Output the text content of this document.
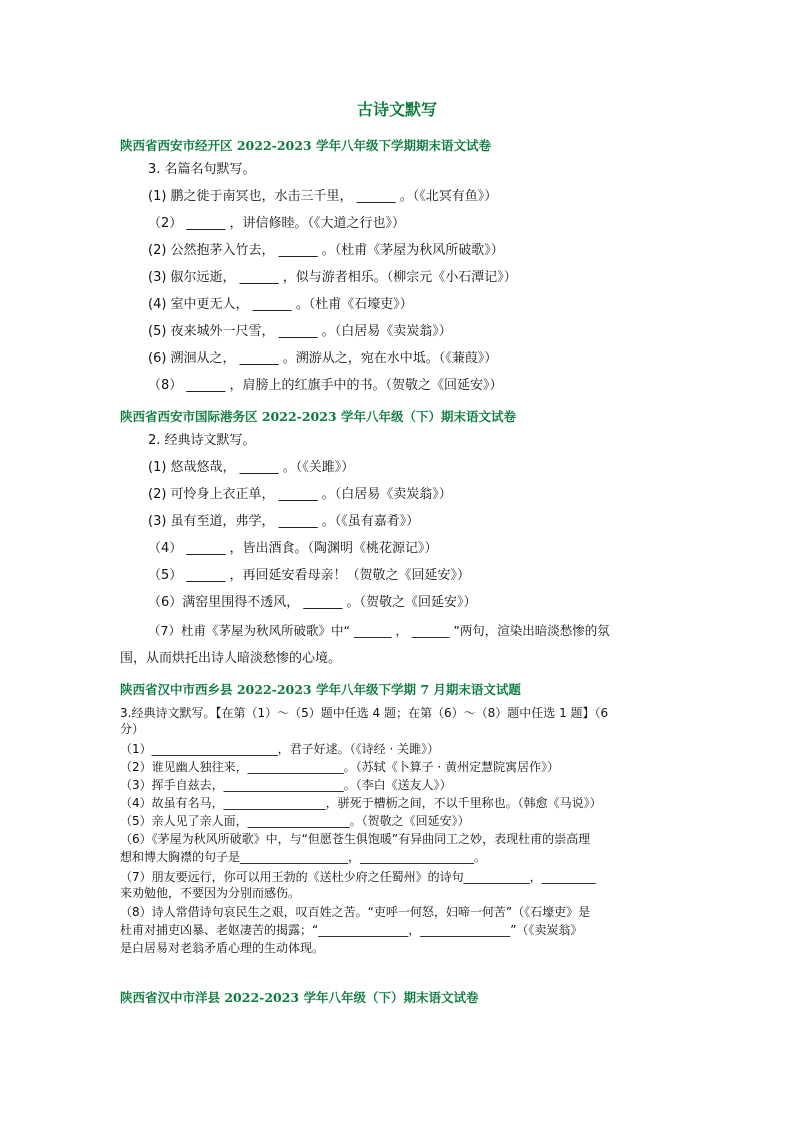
古诗文默写
陕西省西安市经开区 2022-2023 学年八年级下学期期末语文试卷
3. 名篇名句默写。
(1) 鹏之徙于南冥也，水击三千里， ______ 。（《北冥有鱼》）
（2） ______ ，讲信修睦。（《大道之行也》）
(2) 公然抱茅入竹去， ______ 。（杜甫《茅屋为秋风所破歌》）
(3) 俶尔远逝， ______ ，似与游者相乐。（柳宗元《小石潭记》）
(4) 室中更无人， ______ 。（杜甫《石壕吏》）
(5) 夜来城外一尺雪， ______ 。（白居易《卖炭翁》）
(6) 溯洄从之， ______ 。溯游从之，宛在水中坻。（《蒹葭》）
（8） ______ ，肩膀上的红旗手中的书。（贺敬之《回延安》）
陕西省西安市国际港务区 2022-2023 学年八年级（下）期末语文试卷
2. 经典诗文默写。
(1) 悠哉悠哉， ______ 。（《关雎》）
(2) 可怜身上衣正单， ______ 。（白居易《卖炭翁》）
(3) 虽有至道，弗学， ______ 。（《虽有嘉肴》）
（4） ______ ，皆出酒食。（陶渊明《桃花源记》）
（5） ______ ，再回延安看母亲！（贺敬之《回延安》）
（6）满窑里围得不透风， ______ 。（贺敬之《回延安》）
（7）杜甫《茅屋为秋风所破歌》中“ ______ ， ______ ”两句，渲染出暗淡愁惨的氛
围，从而烘托出诗人暗淡愁惨的心境。
陕西省汉中市西乡县 2022-2023 学年八年级下学期 7 月期末语文试题
3.经典诗文默写。【在第（1）～（5）题中任选 4 题；在第（6）～（8）题中任选 1 题】（6
分）
（1）_____________________，君子好逑。（《诗经 · 关雎》）
（2）谁见幽人独往来，________________。（苏轼《卜算子 · 黄州定慧院寓居作》）
（3）挥手自兹去，____________________。（李白《送友人》）
（4）故虽有名马，_________________，骈死于槽枥之间，不以千里称也。（韩愈《马说》）
（5）亲人见了亲人面，_________________。（贺敬之《回延安》）
（6）《茅屋为秋风所破歌》中，与“但愿苍生俱饱暖”有异曲同工之妙，表现杜甫的崇高理
想和博大胸襟的句子是__________________，___________________。
（7）朋友要远行，你可以用王勃的《送杜少府之任蜀州》的诗句___________，_________
来劝勉他，不要因为分别而感伤。
（8）诗人常借诗句哀民生之艰，叹百姓之苦。“吏呼一何怒，妇啼一何苦”（《石壕吏》是
杜甫对捕吏凶暴、老妪凄苦的揭露；“_______________，_______________”（《卖炭翁》
是白居易对老翁矛盾心理的生动体现。
陕西省汉中市洋县 2022-2023 学年八年级（下）期末语文试卷
